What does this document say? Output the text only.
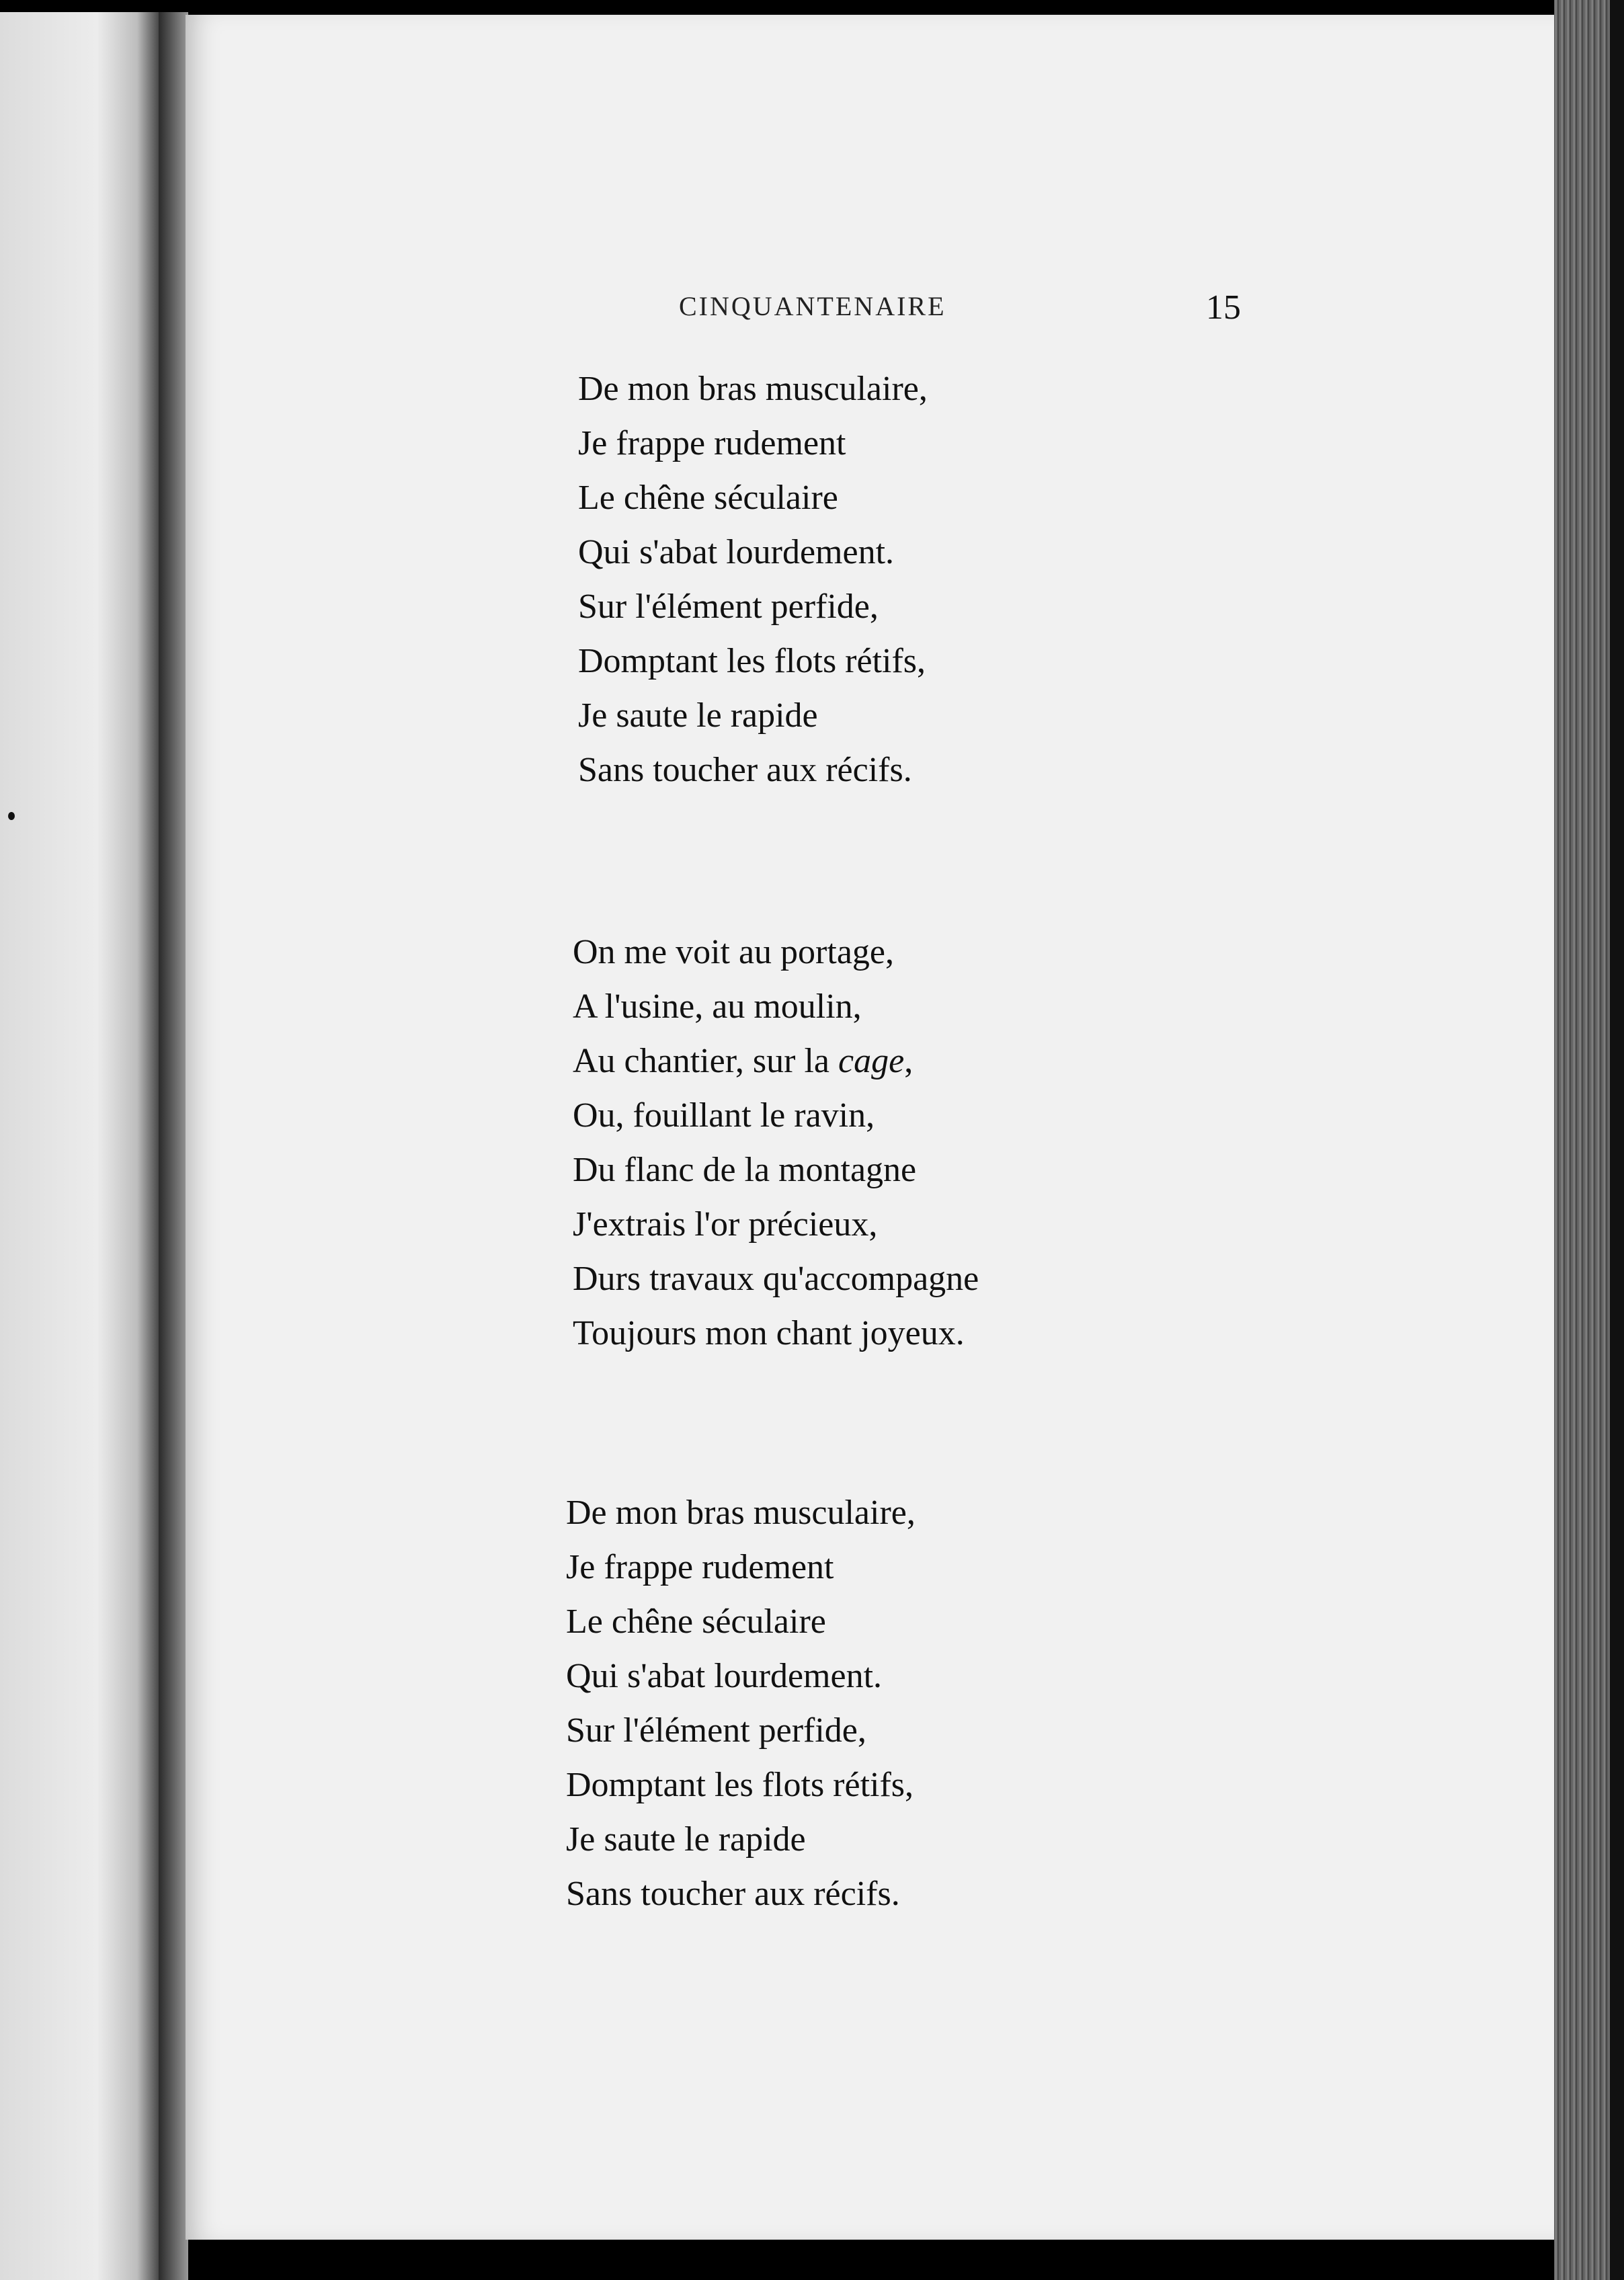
CINQUANTENAIRE	15
De mon bras musculaire,
Je frappe rudement
Le chêne séculaire
Qui s'abat lourdement.
Sur l'élément perfide,
Domptant les flots rétifs,
Je saute le rapide
Sans toucher aux récifs.
On me voit au portage,
A l'usine, au moulin,
Au chantier, sur la cage,
Ou, fouillant le ravin,
Du flanc de la montagne
J'extrais l'or précieux,
Durs travaux qu'accompagne
Toujours mon chant joyeux.
De mon bras musculaire,
Je frappe rudement
Le chêne séculaire
Qui s'abat lourdement.
Sur l'élément perfide,
Domptant les flots rétifs,
Je saute le rapide
Sans toucher aux récifs.
